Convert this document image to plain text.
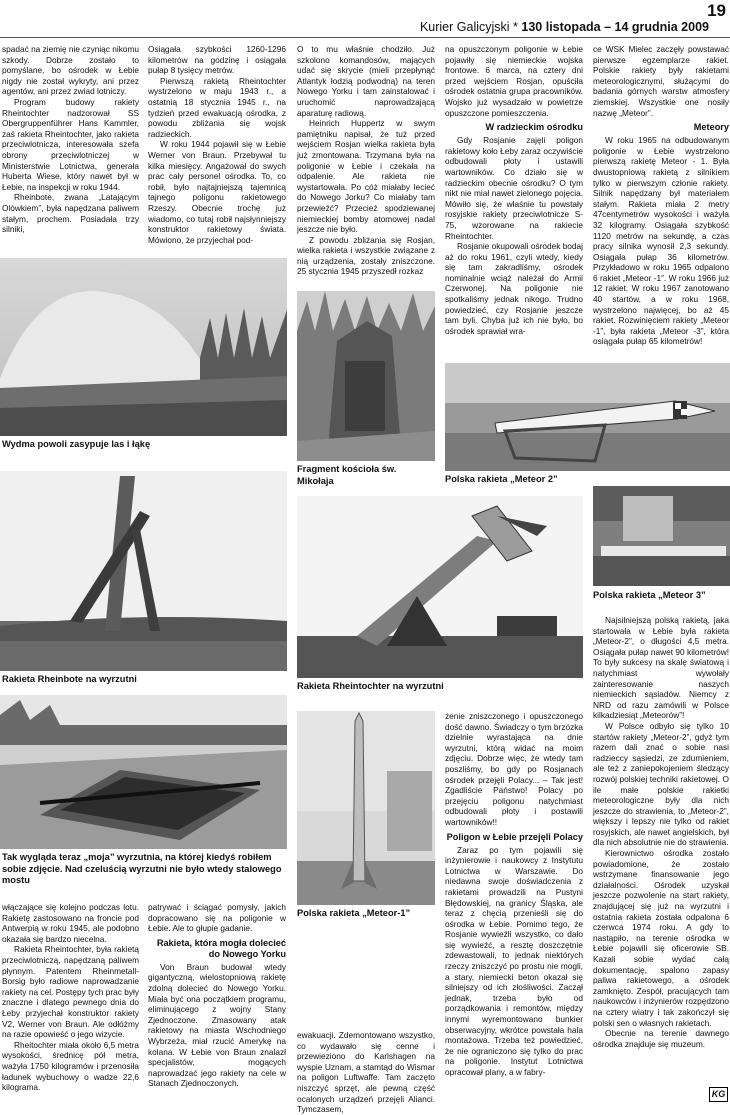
19
Kurier Galicyjski * 130 listopada – 14 grudnia 2009

spadać na ziemię nie czyniąc nikomu szkody. Dobrze zostało to pomyślane, bo ośrodek w Łebie nigdy nie został wykryty, ani przez agentów, ani przez zwiad lotniczy.

Program budowy rakiety Rheintochter nadzorował SS Obergruppenführer Hans Kammler, zaś rakieta Rheintochter, jako rakieta przeciwlotnicza, interesowała szefa obrony przeciwlotniczej w Ministerstwie Lotnictwa, generała Huberta Wiese, który nawet był w Łebie, na inspekcji w roku 1944.

Rheinbote, zwana „Latającym Olówkiem”, była napędzana paliwem stałym, prochem. Posiadała trzy silniki,

Osiągała szybkości 1260-1296 kilometrów na godzinę i osiągała pułap 8 tysięcy metrów.

Pierwszą rakietą Rheintochter wystrzelono w maju 1943 r., a ostatnią 18 stycznia 1945 r., na tydzień przed ewakuacją ośrodka, z powodu zbliżania się wojsk radzieckich.

W roku 1944 pojawił się w Łebie Werner von Braun. Przebywał tu kilka miesięcy. Angażował do swych prac cały personel ośrodka. To, co robił, było najtajniejszą tajemnicą tajnego poligonu rakietowego Rzeszy. Obecnie trochę już wiadomo, co tutaj robił najsłynniejszy konstruktor rakietowy świata. Mówiono, że przyjechał pod-

O to mu właśnie chodziło. Już szkolono komandosów, mających udać się skrycie (mieli przepłynąć Atlantyk łodzią podwodną) na teren Nowego Yorku i tam zainstalować i uruchomić naprowadzającą aparaturę radiową.

Heinrich Huppertz w swym pamiętniku napisał, że tuż przed wejściem Rosjan wielka rakieta była już zmontowana. Trzymana była na poligonie w Łebie i czekała na odpalenie. Ale rakieta nie wystartowała. Po cóż miałaby lecieć do Nowego Jorku? Co miałaby tam przewieźć? Przecież spodziewanej niemieckiej bomby atomowej nadal jeszcze nie było.

Z powodu zbliżania się Rosjan, wielka rakieta i wszystkie związane z nią urządzenia, zostały zniszczone. 25 stycznia 1945 przyszedł rozkaz

na opuszczonym poligonie w Łebie pojawiły się niemieckie wojska frontowe. 6 marca, na cztery dni przed wejściem Rosjan, opuściła ośrodek ostatnia grupa pracowników. Wojsko już wysadzało w powietrze opuszczone pomieszczenia.

W radzieckim ośrodku

Gdy Rosjanie zajęli poligon rakietowy koło Łeby zaraz oczywiście odbudowali płoty i ustawili wartowników. Co działo się w radzieckim obecnie ośrodku? O tym nikt nie miał nawet zielonego pojęcia. Mówiło się, że właśnie tu powstały rosyjskie rakiety przeciwlotnicze S-75, wzorowane na rakiecie Rheintochter.

Rosjanie okupowali ośrodek bodaj aż do roku 1961, czyli wtedy, kiedy się tam zakradliśmy, ośrodek nominalnie wciąż należał do Armii Czerwonej. Na poligonie nie spotkaliśmy jednak nikogo. Trudno powiedzieć, czy Rosjanie jeszcze tam byli. Chyba już ich nie było, bo ośrodek sprawiał wra-

ce WSK Mielec zaczęły powstawać pierwsze egzemplarze rakiet. Polskie rakiety były rakietami meteorologicznymi, służącymi do badania górnych warstw atmosfery ziemskiej. Wszystkie one nosiły nazwę „Meteor”.

Meteory

W roku 1965 na odbudowanym poligonie w Łebie wystrzelono pierwszą rakietę Meteor - 1. Była dwustopniową rakietą z silnikiem tylko w pierwszym członie rakiety. Silnik napędzany był materiałem stałym. Rakieta miała 2 metry 47centymetrów wysokości i ważyła 32 kilogramy. Osiągała szybkość 1120 metrów na sekundę, a czas pracy silnika wynosił 2,3 sekundy. Osiągała pułap 36 kilometrów. Przykładowo w roku 1965 odpalono 6 rakiet „Meteor -1”. W roku 1966 już 12 rakiet. W roku 1967 zanotowano 40 startów, a w roku 1968, wystrzelono najwięcej, bo aż 45 rakiet. Rozwinięciem rakiety „Meteor -1”, była rakieta „Meteor -3”, która osiągała pułap 65 kilometrów!

Wydma powoli zasypuje las i łąkę
Fragment kościoła św. Mikołaja	Polska rakieta „Meteor 2”
Polska rakieta „Meteor 3”
Rakieta Rheinbote na wyrzutni
Rakieta Rheintochter na wyrzutni
Tak wygląda teraz „moja” wyrzutnia, na której kiedyś robiłem sobie zdjęcie. Nad czeluścią wyrzutni nie było wtedy stalowego mostu
Polska rakieta „Meteor-1”

Najsilniejszą polską rakietą, jaka startowała w Łebie była rakieta „Meteor-2”, o długości 4,5 metra. Osiągała pułap nawet 90 kilometrów! To były sukcesy na skalę światową i natychmiast wywołały zainteresowanie naszych niemieckich sąsiadów. Niemcy z NRD od razu zamówili w Polsce kilkadziesiąt „Meteorów”!

W Polsce odbyło się tylko 10 startów rakiety „Meteor-2”, gdyż tym razem dali znać o sobie nasi radzieccy sąsiedzi, ze zdumieniem, ale też z zaniepokojeniem śledzący rozwój polskiej techniki rakietowej. O ile małe polskie rakietki meteorologiczne były dla nich jeszcze do strawienia, to „Meteor-2”, większy i lepszy nie tylko od rakiet rosyjskich, ale nawet angielskich, był dla nich absolutnie nie do strawienia.

Kierownictwo ośrodka zostało powiadomione, że zostało wstrzymane finansowanie jego działalności. Ośrodek uzyskał jeszcze pozwolenie na start rakiety, znajdującej się już na wyrzutni i ostatnia rakieta została odpalona 6 czerwca 1974 roku. A gdy to nastąpiło, na terenie ośrodka w Łebie pojawili się oficerowie SB. Kazali sobie wydać całą dokumentację, spalono zapasy paliwa rakietowego, a ośrodek zamknięto. Zespół, pracujących tam naukowców i inżynierów rozpędzono na cztery wiatry i tak zakończył się polski sen o własnych rakietach.

Obecnie na terenie dawnego ośrodka znajduje się muzeum.

włączające się kolejno podczas lotu. Rakietę zastosowano na froncie pod Antwerpią w roku 1945, ale podobno okazała się bardzo niecelna.

Rakieta Rheintochter, była rakietą przeciwlotniczą, napędzaną paliwem płynnym. Patentem Rheinmetall-Borsig było radiowe naprowadzanie rakiety na cel. Postępy tych prac były znaczne i dlatego pewnego dnia do Łeby przyjechał konstruktor rakiety V2, Werner von Braun. Ale odłóżmy na razie opowieść o jego wizycie.

Rheitochter miała około 6,5 metra wysokości, średnicę pół metra, ważyła 1750 kilogramów i przenosiła ładunek wybuchowy o wadze 22,6 kilograma.

patrywać i ściągać pomysły, jakich dopracowano się na poligonie w Łebie. Ale to głupie gadanie.

Rakieta, która mogła dolecieć do Nowego Yorku

Von Braun budował wtedy gigantyczną, wielostopniową rakietę zdolną dolecieć do Nowego Yorku. Miała być ona początkiem programu, eliminującego z wojny Stany Zjednoczone. Zmasowany atak rakietowy na miasta Wschodniego Wybrzeża, miał rzucić Amerykę na kolana. W Łebie von Braun znalazł specjalistów, mogących naprowadzać jego rakiety na cele w Stanach Zjednoczonych.

ewakuacji. Zdemontowano wszystko, co wydawało się cenne i przewieziono do Karlshagen na wyspie Uznam, a stamtąd do Wismar na poligon Luftwaffe. Tam zaczęto niszczyć sprzęt, ale pewną część ocalonych urządzeń przejęli Alianci. Tymczasem,

żenie zniszczonego i opuszczonego dość dawno. Świadczy o tym brzózka dzielnie wyrastająca na dnie wyrzutni, którą widać na moim zdjęciu. Dobrze więc, że wtedy tam poszliśmy, bo gdy po Rosjanach ośrodek przejęli Polacy... – Tak jest! Zgadliście Państwo! Polacy po przejęciu poligonu natychmiast odbudowali płoty i postawili wartowników!!

Poligon w Łebie przejęli Polacy

Zaraz po tym pojawili się inżynierowie i naukowcy z Instytutu Lotnictwa w Warszawie. Do niedawna swoje doświadczenia z rakietami prowadzili na Pustyni Błędowskiej, na granicy Śląska, ale teraz z chęcią przenieśli się do ośrodka w Łebie. Pomimo tego, że Rosjanie wywieźli wszystko, co dało się wywieźć, a resztę doszczętnie zdewastowali, to jednak niektórych rzeczy zniszczyć po prostu nie mogli, a stary, niemiecki beton okazał się silniejszy od ich złośliwości. Zaczął jednak, trzeba było od porządkowania i remontów, między innymi wyremontowano bunkier obserwacyjny, wkrótce powstała hala montażowa. Trzeba też powiedzieć, że nie ograniczono się tylko do prac na poligonie. Instytut Lotnictwa opracował plany, a w fabry-

KG
